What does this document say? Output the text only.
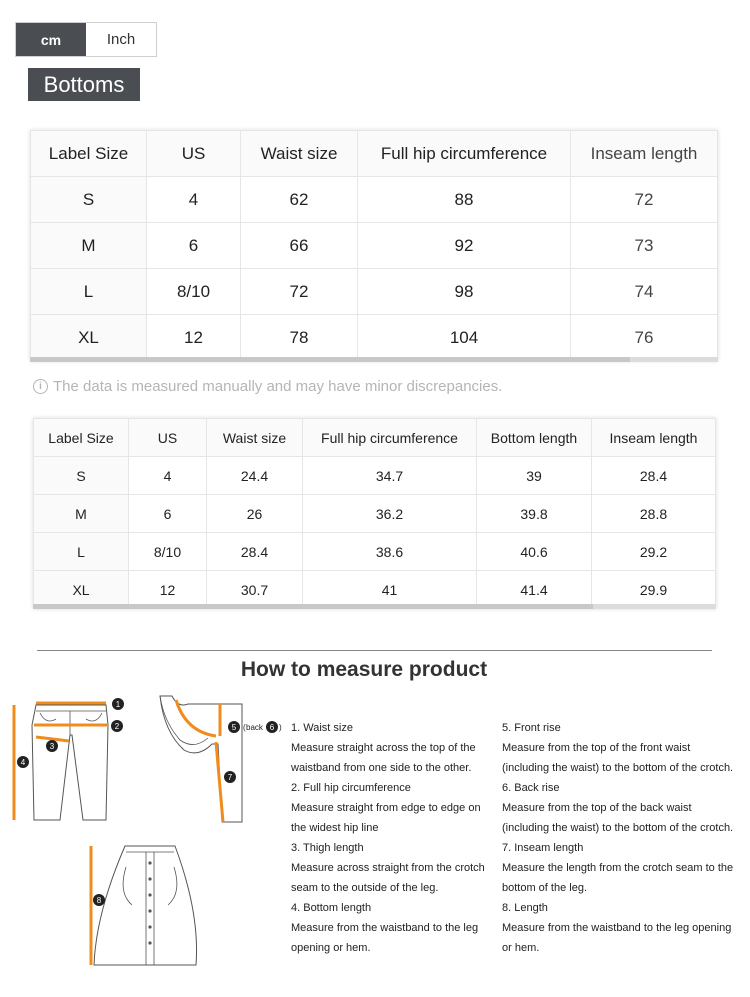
cm	Inch
Bottoms
Label Size	US	Waist size	Full hip circumference	Inseam length
S	4	62	88	72
M	6	66	92	73
L	8/10	72	98	74
XL	12	78	104	76
i The data is measured manually and may have minor discrepancies.
Label Size	US	Waist size	Full hip circumference	Bottom length	Inseam length
S	4	24.4	34.7	39	28.4
M	6	26	36.2	39.8	28.8
L	8/10	28.4	38.6	40.6	29.2
XL	12	30.7	41	41.4	29.9
How to measure product
1
2
3
4
5 ( back 6 )
7
8
1. Waist size
Measure straight across the top of the
waistband from one side to the other.
2. Full hip circumference
Measure straight from edge to edge on
the widest hip line
3. Thigh length
Measure across straight from the crotch
seam to the outside of the leg.
4. Bottom length
Measure from the waistband to the leg
opening or hem.
5. Front rise
Measure from the top of the front waist
(including the waist) to the bottom of the crotch.
6. Back rise
Measure from the top of the back waist
(including the waist) to the bottom of the crotch.
7. Inseam length
Measure the length from the crotch seam to the
bottom of the leg.
8. Length
Measure from the waistband to the leg opening
or hem.
